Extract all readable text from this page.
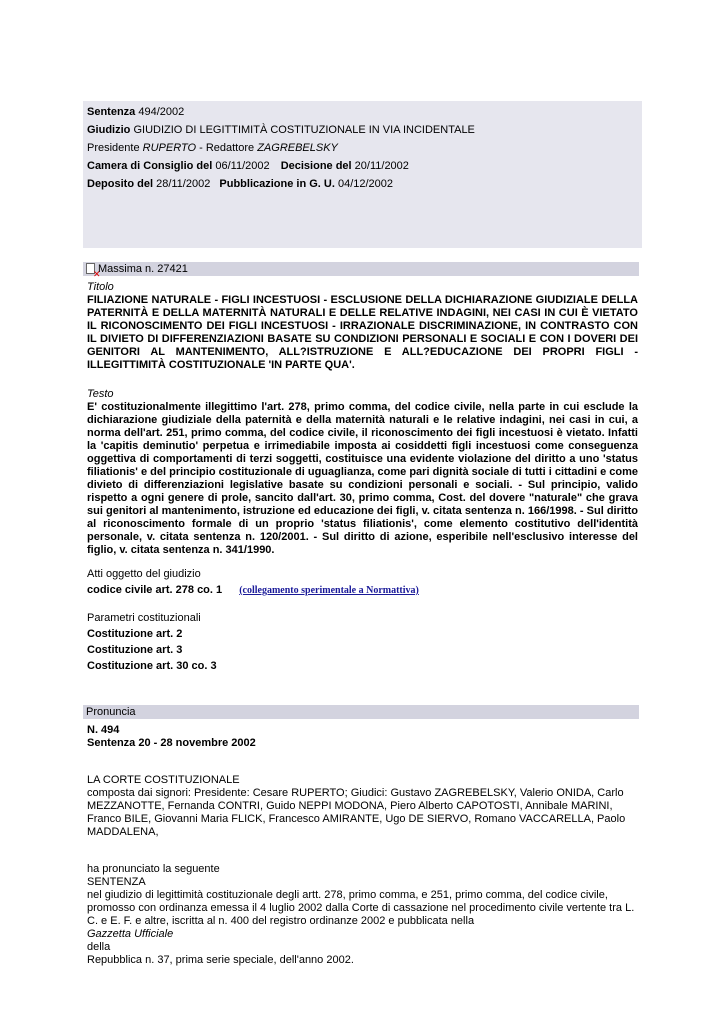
Sentenza 494/2002
Giudizio GIUDIZIO DI LEGITTIMITÀ COSTITUZIONALE IN VIA INCIDENTALE
Presidente RUPERTO - Redattore ZAGREBELSKY
Camera di Consiglio del 06/11/2002 Decisione del 20/11/2002
Deposito del 28/11/2002 Pubblicazione in G. U. 04/12/2002
✕
Massima n. 27421
Titolo
FILIAZIONE NATURALE - FIGLI INCESTUOSI - ESCLUSIONE DELLA DICHIARAZIONE GIUDIZIALE DELLA
PATERNITÀ E DELLA MATERNITÀ NATURALI E DELLE RELATIVE INDAGINI, NEI CASI IN CUI È VIETATO
IL RICONOSCIMENTO DEI FIGLI INCESTUOSI - IRRAZIONALE DISCRIMINAZIONE, IN CONTRASTO CON
IL DIVIETO DI DIFFERENZIAZIONI BASATE SU CONDIZIONI PERSONALI E SOCIALI E CON I DOVERI DEI
GENITORI AL MANTENIMENTO, ALL?ISTRUZIONE E ALL?EDUCAZIONE DEI PROPRI FIGLI -
ILLEGITTIMITÀ COSTITUZIONALE 'IN PARTE QUA'.
Testo
E' costituzionalmente illegittimo l'art. 278, primo comma, del codice civile, nella parte in cui esclude la
dichiarazione giudiziale della paternità e della maternità naturali e le relative indagini, nei casi in cui, a
norma dell'art. 251, primo comma, del codice civile, il riconoscimento dei figli incestuosi è vietato. Infatti
la 'capitis deminutio' perpetua e irrimediabile imposta ai cosiddetti figli incestuosi come conseguenza
oggettiva di comportamenti di terzi soggetti, costituisce una evidente violazione del diritto a uno 'status
filiationis' e del principio costituzionale di uguaglianza, come pari dignità sociale di tutti i cittadini e come
divieto di differenziazioni legislative basate su condizioni personali e sociali. - Sul principio, valido
rispetto a ogni genere di prole, sancito dall'art. 30, primo comma, Cost. del dovere "naturale" che grava
sui genitori al mantenimento, istruzione ed educazione dei figli, v. citata sentenza n. 166/1998. - Sul diritto
al riconoscimento formale di un proprio 'status filiationis', come elemento costitutivo dell'identità
personale, v. citata sentenza n. 120/2001. - Sul diritto di azione, esperibile nell'esclusivo interesse del
figlio, v. citata sentenza n. 341/1990.
Atti oggetto del giudizio
codice civile art. 278 co. 1 (collegamento sperimentale a Normattiva)
Parametri costituzionali
Costituzione art. 2
Costituzione art. 3
Costituzione art. 30 co. 3
Pronuncia
N. 494
Sentenza 20 - 28 novembre 2002
LA CORTE COSTITUZIONALE
composta dai signori: Presidente: Cesare RUPERTO; Giudici: Gustavo ZAGREBELSKY, Valerio ONIDA, Carlo
MEZZANOTTE, Fernanda CONTRI, Guido NEPPI MODONA, Piero Alberto CAPOTOSTI, Annibale MARINI,
Franco BILE, Giovanni Maria FLICK, Francesco AMIRANTE, Ugo DE SIERVO, Romano VACCARELLA, Paolo
MADDALENA,
ha pronunciato la seguente
SENTENZA
nel giudizio di legittimità costituzionale degli artt. 278, primo comma, e 251, primo comma, del codice civile,
promosso con ordinanza emessa il 4 luglio 2002 dalla Corte di cassazione nel procedimento civile vertente tra L.
C. e E. F. e altre, iscritta al n. 400 del registro ordinanze 2002 e pubblicata nella
Gazzetta Ufficiale
della
Repubblica n. 37, prima serie speciale, dell'anno 2002.
